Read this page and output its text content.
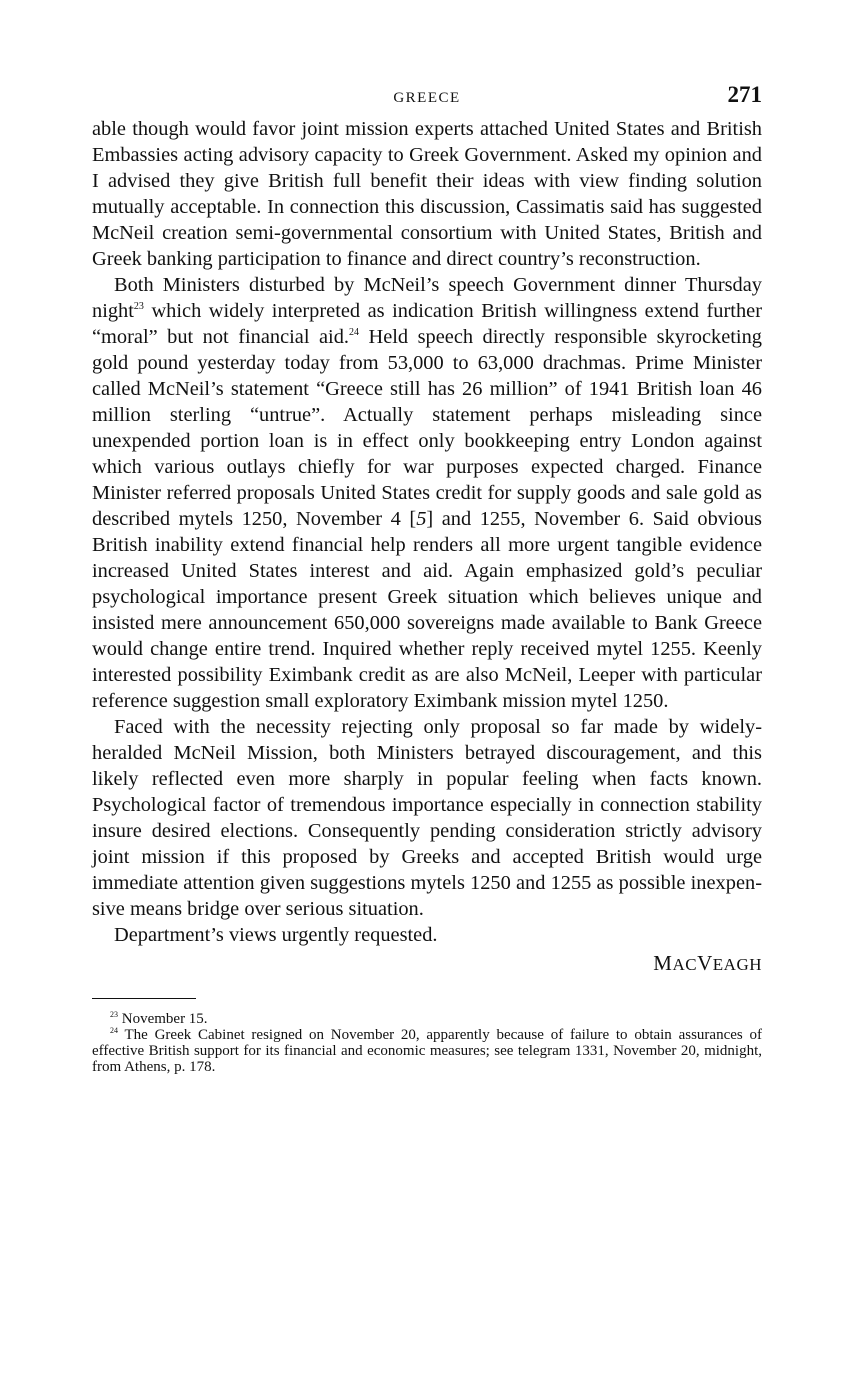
GREECE	271

able though would favor joint mission experts attached United States and British Embassies acting advisory capacity to Greek Government. Asked my opinion and I advised they give British full benefit their ideas with view finding solution mutually acceptable. In connection this discussion, Cassimatis said has suggested McNeil creation semi-governmental consortium with United States, British and Greek banking participation to finance and direct country’s reconstruction.

Both Ministers disturbed by McNeil’s speech Government dinner Thursday night$^{23}$ which widely interpreted as indication British willingness extend further “moral” but not financial aid.$^{24}$ Held speech directly responsible skyrocketing gold pound yesterday today from 53,000 to 63,000 drachmas. Prime Minister called McNeil’s statement “Greece still has 26 million” of 1941 British loan 46 million sterling “untrue”. Actually statement perhaps misleading since unexpended portion loan is in effect only bookkeeping entry London against which various outlays chiefly for war purposes expected charged. Finance Minister referred proposals United States credit for supply goods and sale gold as described mytels 1250, November 4 [5] and 1255, November 6. Said obvious British inability extend financial help renders all more urgent tangible evidence increased United States interest and aid. Again emphasized gold’s peculiar psychological importance present Greek situation which believes unique and insisted mere announcement 650,000 sovereigns made available to Bank Greece would change entire trend. Inquired whether reply received mytel 1255. Keenly interested possibility Eximbank credit as are also McNeil, Leeper with particular reference suggestion small exploratory Eximbank mission mytel 1250.

Faced with the necessity rejecting only proposal so far made by widely-heralded McNeil Mission, both Ministers betrayed discouragement, and this likely reflected even more sharply in popular feeling when facts known. Psychological factor of tremendous importance especially in connection stability insure desired elections. Consequently pending consideration strictly advisory joint mission if this proposed by Greeks and accepted British would urge immediate attention given suggestions mytels 1250 and 1255 as possible inexpensive means bridge over serious situation.

Department’s views urgently requested.

MACVEAGH

$^{23}$ November 15.

$^{24}$ The Greek Cabinet resigned on November 20, apparently because of failure to obtain assurances of effective British support for its financial and economic measures; see telegram 1331, November 20, midnight, from Athens, p. 178.
